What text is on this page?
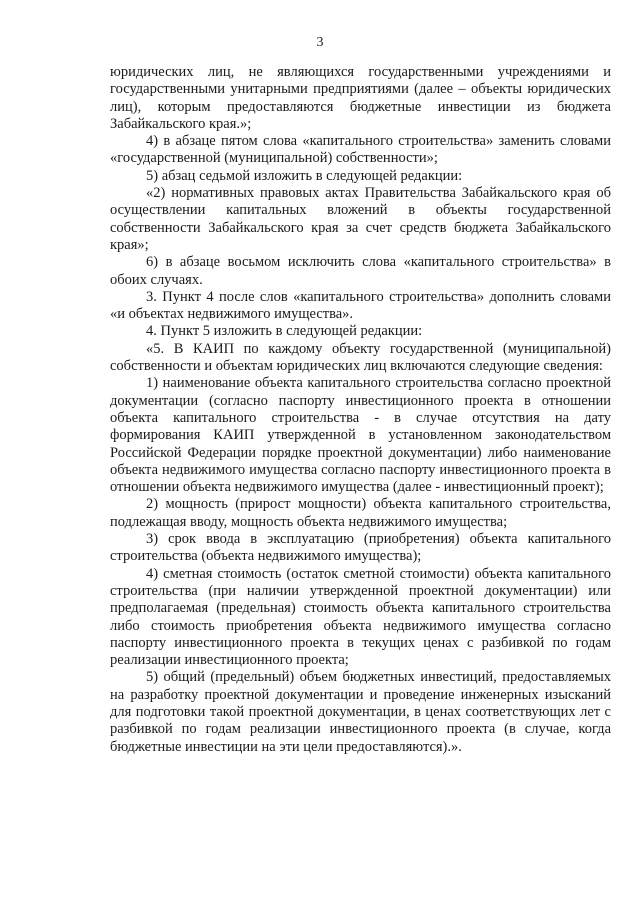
3

юридических лиц, не являющихся государственными учреждениями и государственными унитарными предприятиями (далее – объекты юридических лиц), которым предоставляются бюджетные инвестиции из бюджета Забайкальского края.»;

4) в абзаце пятом слова «капитального строительства» заменить словами «государственной (муниципальной) собственности»;

5) абзац седьмой изложить в следующей редакции:

«2) нормативных правовых актах Правительства Забайкальского края об осуществлении капитальных вложений в объекты государственной собственности Забайкальского края за счет средств бюджета Забайкальского края»;

6) в абзаце восьмом исключить слова «капитального строительства» в обоих случаях.

3. Пункт 4 после слов «капитального строительства» дополнить словами «и объектах недвижимого имущества».

4. Пункт 5 изложить в следующей редакции:

«5. В КАИП по каждому объекту государственной (муниципальной) собственности и объектам юридических лиц включаются следующие сведения:

1) наименование объекта капитального строительства согласно проектной документации (согласно паспорту инвестиционного проекта в отношении объекта капитального строительства - в случае отсутствия на дату формирования КАИП утвержденной в установленном законодательством Российской Федерации порядке проектной документации) либо наименование объекта недвижимого имущества согласно паспорту инвестиционного проекта в отношении объекта недвижимого имущества (далее - инвестиционный проект);

2) мощность (прирост мощности) объекта капитального строительства, подлежащая вводу, мощность объекта недвижимого имущества;

3) срок ввода в эксплуатацию (приобретения) объекта капитального строительства (объекта недвижимого имущества);

4) сметная стоимость (остаток сметной стоимости) объекта капитального строительства (при наличии утвержденной проектной документации) или предполагаемая (предельная) стоимость объекта капитального строительства либо стоимость приобретения объекта недвижимого имущества согласно паспорту инвестиционного проекта в текущих ценах с разбивкой по годам реализации инвестиционного проекта;

5) общий (предельный) объем бюджетных инвестиций, предоставляемых на разработку проектной документации и проведение инженерных изысканий для подготовки такой проектной документации, в ценах соответствующих лет с разбивкой по годам реализации инвестиционного проекта (в случае, когда бюджетные инвестиции на эти цели предоставляются).».
